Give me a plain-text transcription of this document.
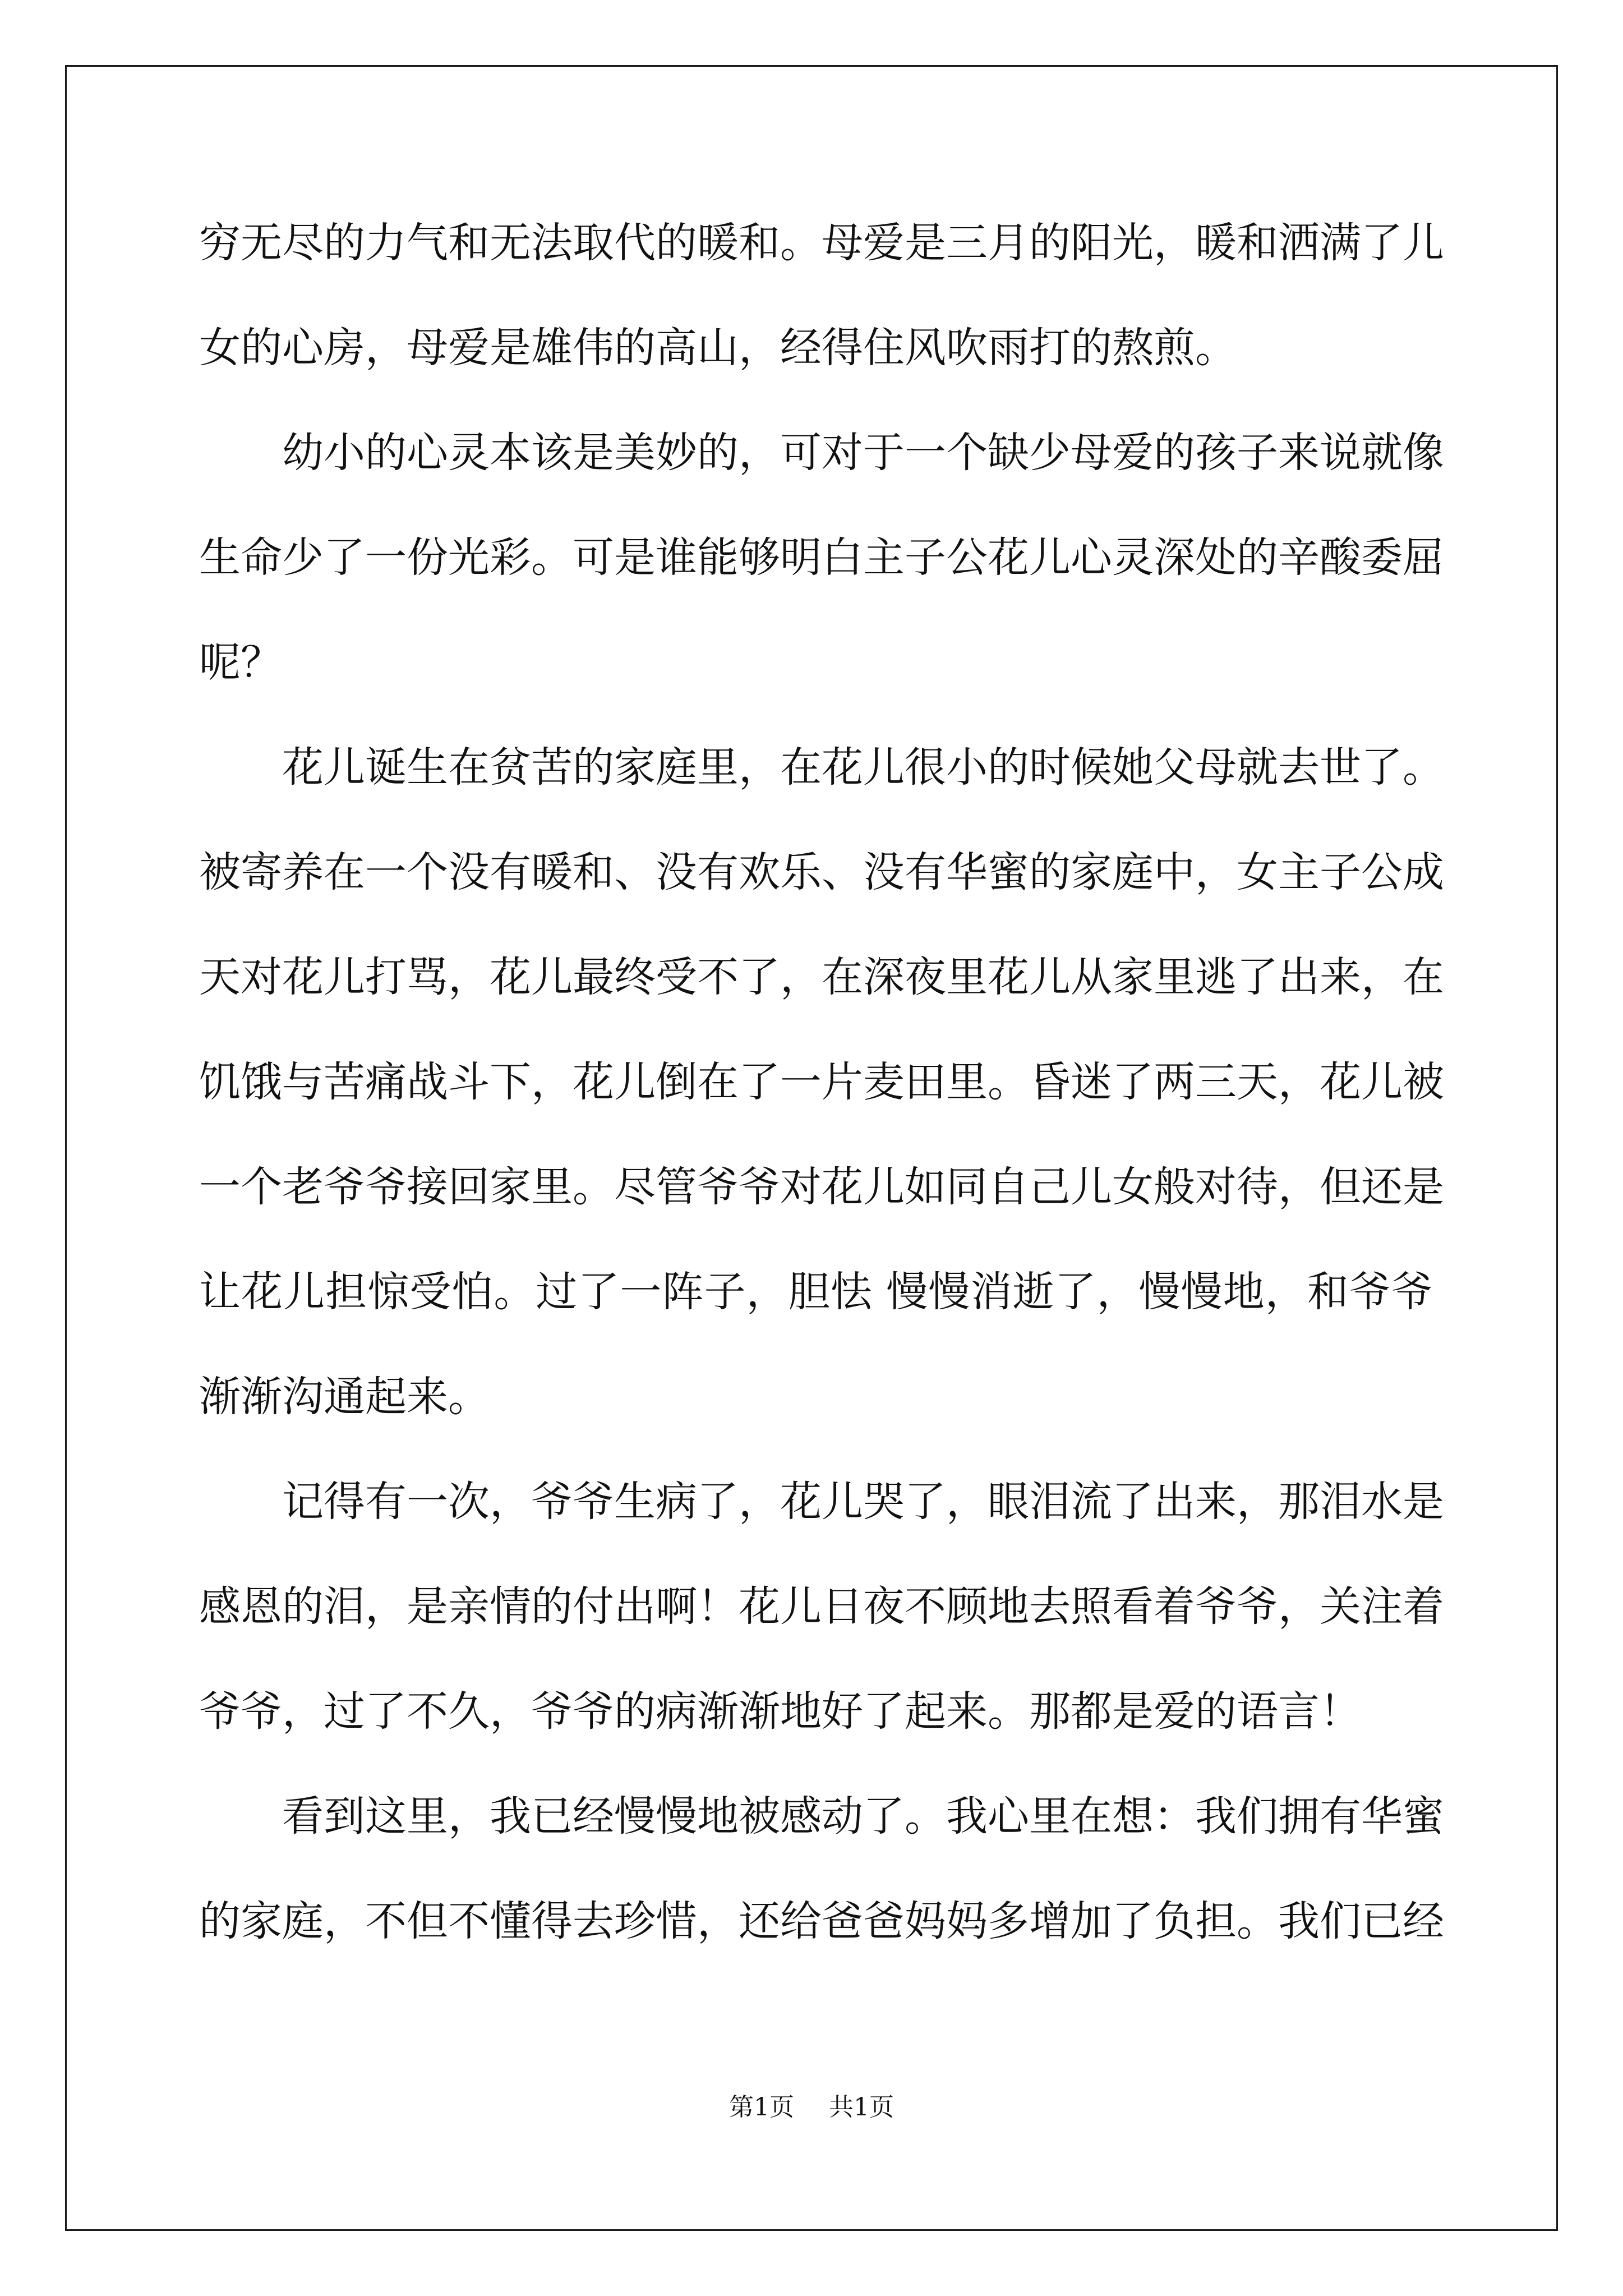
穷无尽的力气和无法取代的暖和。母爱是三月的阳光，暖和洒满了儿
女的心房，母爱是雄伟的高山，经得住风吹雨打的熬煎。
幼小的心灵本该是美妙的，可对于一个缺少母爱的孩子来说就像
生命少了一份光彩。可是谁能够明白主子公花儿心灵深处的辛酸委屈
呢？
花儿诞生在贫苦的家庭里，在花儿很小的时候她父母就去世了。
被寄养在一个没有暖和、没有欢乐、没有华蜜的家庭中，女主子公成
天对花儿打骂，花儿最终受不了，在深夜里花儿从家里逃了出来，在
饥饿与苦痛战斗下，花儿倒在了一片麦田里。昏迷了两三天，花儿被
一个老爷爷接回家里。尽管爷爷对花儿如同自己儿女般对待，但还是
让花儿担惊受怕。过了一阵子，胆怯 慢慢消逝了，慢慢地，和爷爷
渐渐沟通起来。
记得有一次，爷爷生病了，花儿哭了，眼泪流了出来，那泪水是
感恩的泪，是亲情的付出啊！花儿日夜不顾地去照看着爷爷，关注着
爷爷，过了不久，爷爷的病渐渐地好了起来。那都是爱的语言！
看到这里，我已经慢慢地被感动了。我心里在想：我们拥有华蜜
的家庭，不但不懂得去珍惜，还给爸爸妈妈多增加了负担。我们已经
第1页 共1页
